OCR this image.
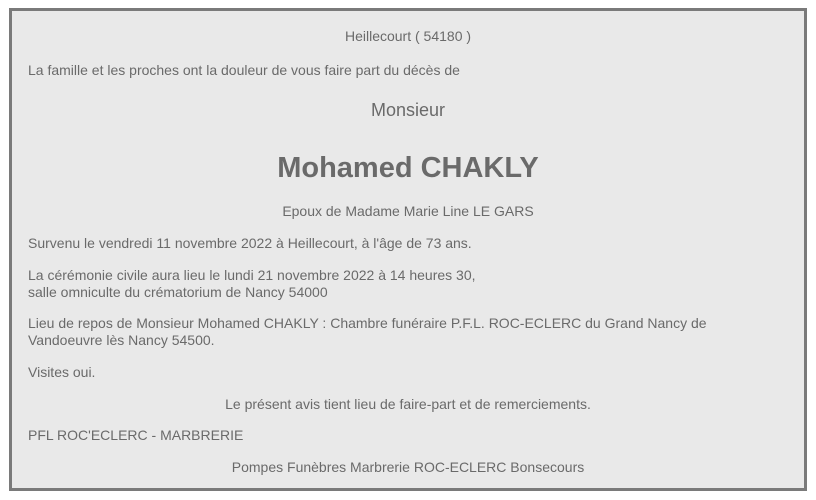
Heillecourt ( 54180 )
La famille et les proches ont la douleur de vous faire part du décès de
Monsieur
Mohamed CHAKLY
Epoux de Madame Marie Line LE GARS
Survenu le vendredi 11 novembre 2022 à Heillecourt, à l'âge de 73 ans.
La cérémonie civile aura lieu le lundi 21 novembre 2022 à 14 heures 30,
salle omniculte du crématorium de Nancy 54000
Lieu de repos de Monsieur Mohamed CHAKLY : Chambre funéraire P.F.L. ROC-ECLERC du Grand Nancy de
Vandoeuvre lès Nancy 54500.
Visites oui.
Le présent avis tient lieu de faire-part et de remerciements.
PFL ROC'ECLERC - MARBRERIE
Pompes Funèbres Marbrerie ROC-ECLERC Bonsecours
